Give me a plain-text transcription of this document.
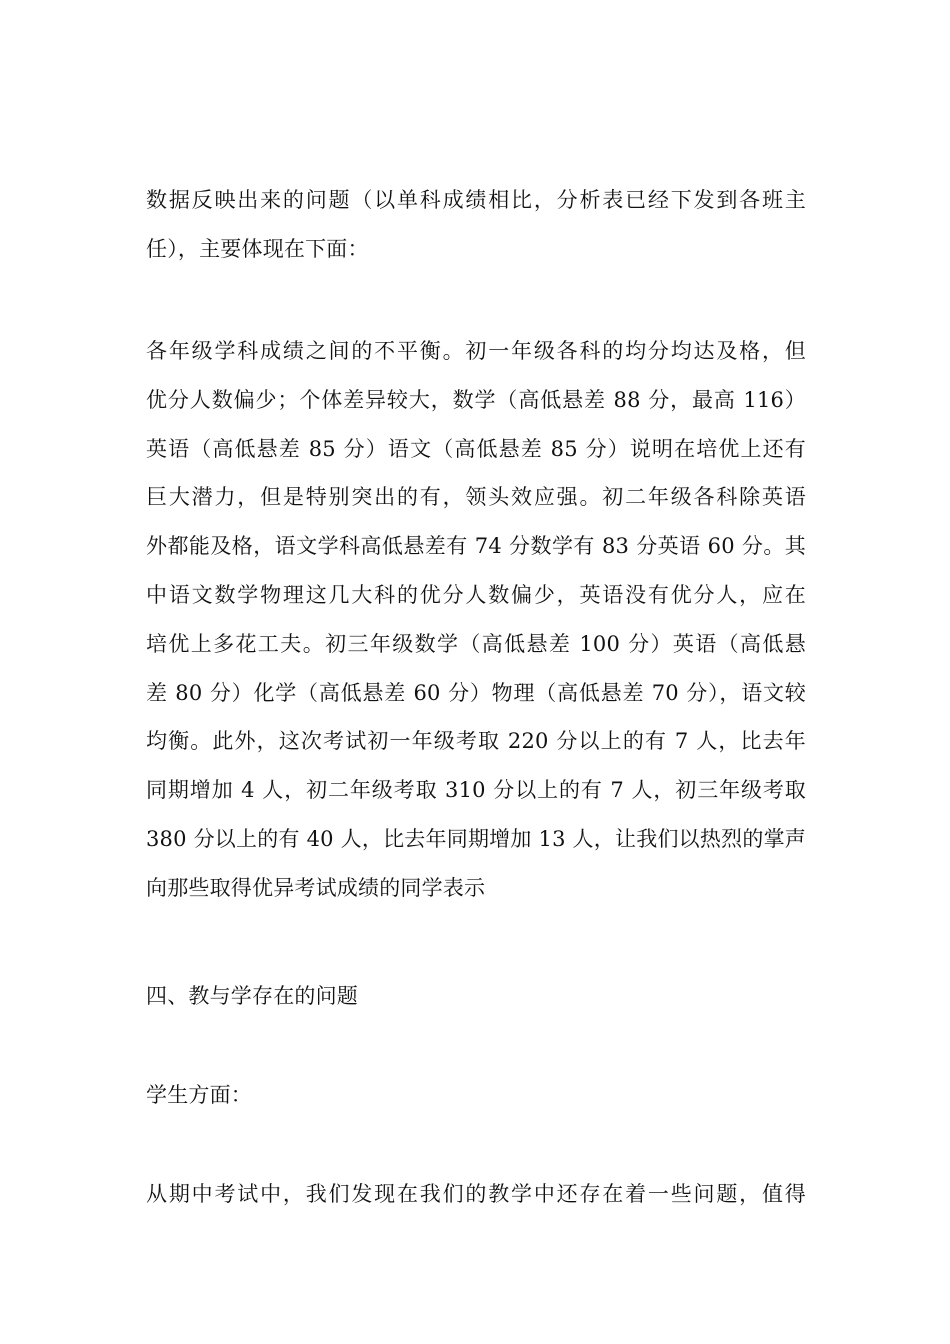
数据反映出来的问题（以单科成绩相比，分析表已经下发到各班主
任），主要体现在下面：
各年级学科成绩之间的不平衡。初一年级各科的均分均达及格，但
优分人数偏少；个体差异较大，数学（高低悬差 88 分，最高 116）
英语（高低悬差 85 分）语文（高低悬差 85 分）说明在培优上还有
巨大潜力，但是特别突出的有，领头效应强。初二年级各科除英语
外都能及格，语文学科高低悬差有 74 分数学有 83 分英语 60 分。其
中语文数学物理这几大科的优分人数偏少，英语没有优分人，应在
培优上多花工夫。初三年级数学（高低悬差 100 分）英语（高低悬
差 80 分）化学（高低悬差 60 分）物理（高低悬差 70 分），语文较
均衡。此外，这次考试初一年级考取 220 分以上的有 7 人，比去年
同期增加 4 人，初二年级考取 310 分以上的有 7 人，初三年级考取
380 分以上的有 40 人，比去年同期增加 13 人，让我们以热烈的掌声
向那些取得优异考试成绩的同学表示
四、教与学存在的问题
学生方面：
从期中考试中，我们发现在我们的教学中还存在着一些问题，值得
